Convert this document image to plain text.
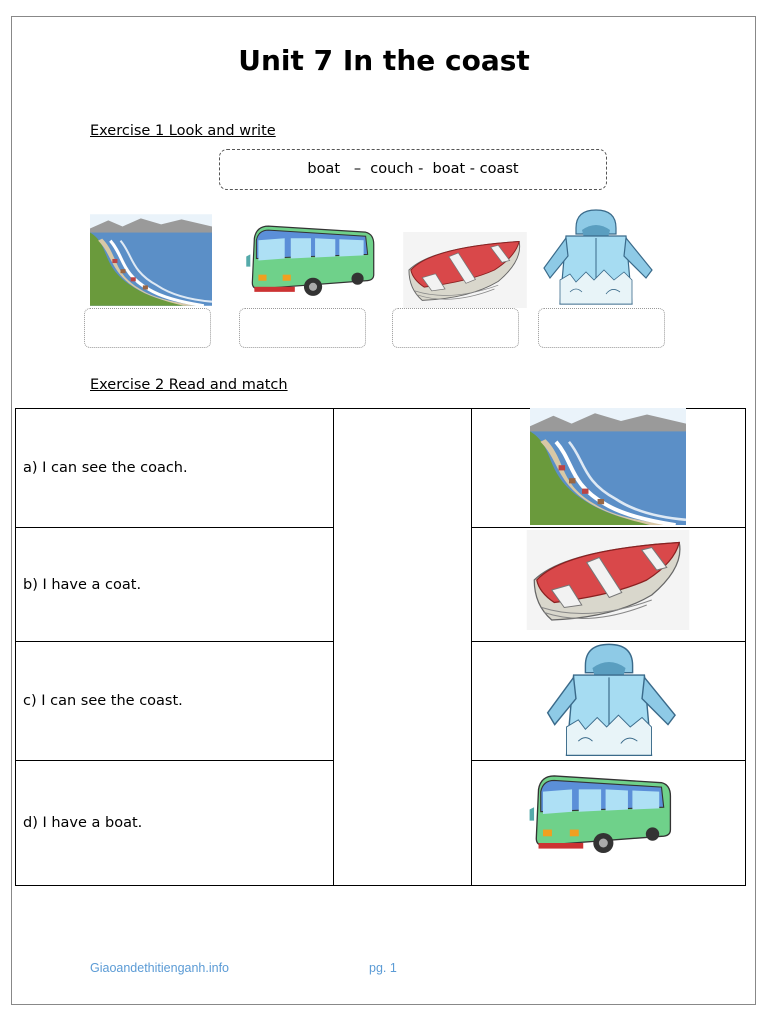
Unit 7 In the coast
Exercise 1 Look and write
boat   –  couch -  boat - coast
Exercise 2 Read and match
a) I can see the coach.		

b) I have a coat.	

c) I can see the coast.	

d) I have a boat.	
Giaoandethitienganh.info	pg. 1
